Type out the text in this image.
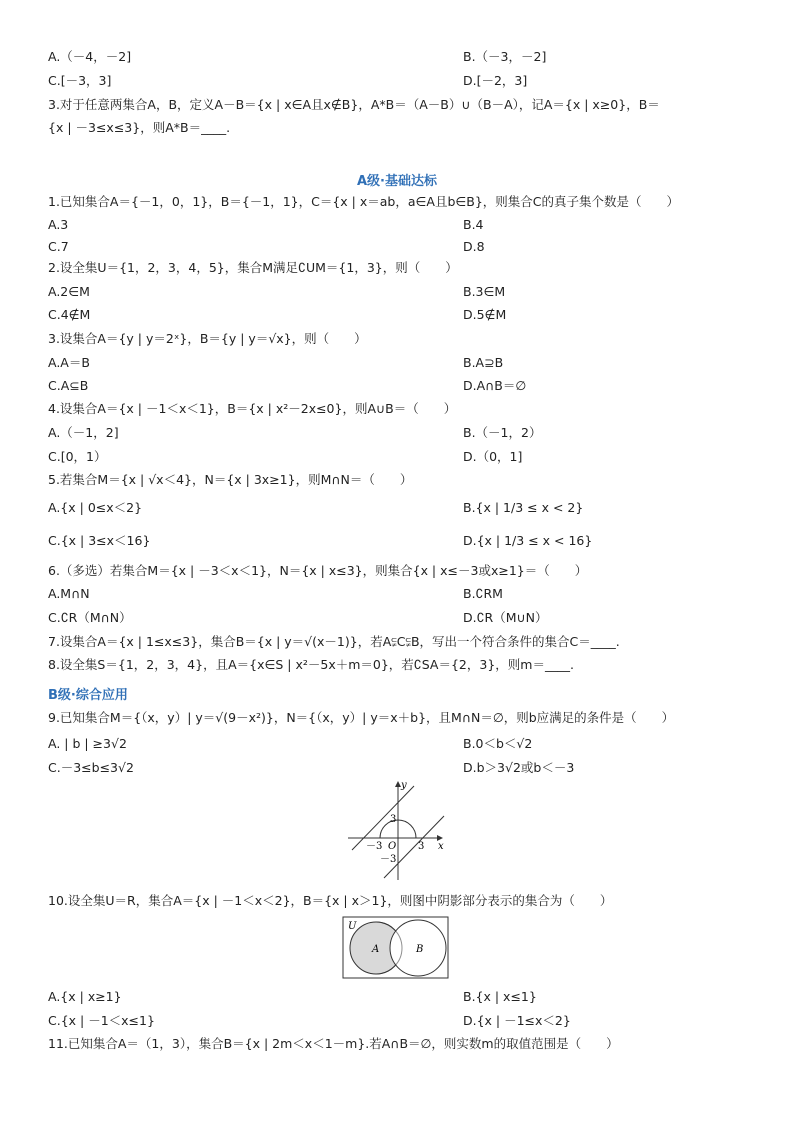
A.（－4，－2]	B.（－3，－2]
C.[－3，3]	D.[－2，3]
3.对于任意两集合A，B，定义A－B＝{x | x∈A且x∉B}，A*B＝（A－B）∪（B－A），记A＝{x | x≥0}，B＝
{x | －3≤x≤3}，则A*B＝____.
A级·基础达标
1.已知集合A＝{－1，0，1}，B＝{－1，1}，C＝{x | x＝ab，a∈A且b∈B}，则集合C的真子集个数是（　　）
A.3	B.4
C.7	D.8
2.设全集U＝{1，2，3，4，5}，集合M满足∁UM＝{1，3}，则（　　）
A.2∈M	B.3∈M
C.4∉M	D.5∉M
3.设集合A＝{y | y＝2ˣ}，B＝{y | y＝√x}，则（　　）
A.A＝B	B.A⊇B
C.A⊆B	D.A∩B＝∅
4.设集合A＝{x | －1＜x＜1}，B＝{x | x²－2x≤0}，则A∪B＝（　　）
A.（－1，2]	B.（－1，2）
C.[0，1）	D.（0，1]
5.若集合M＝{x | √x＜4}，N＝{x | 3x≥1}，则M∩N＝（　　）
A.{x | 0≤x＜2}	B.{x | 1/3 ≤ x < 2}
C.{x | 3≤x＜16}	D.{x | 1/3 ≤ x < 16}
6.（多选）若集合M＝{x | －3＜x＜1}，N＝{x | x≤3}，则集合{x | x≤－3或x≥1}＝（　　）
A.M∩N	B.∁RM
C.∁R（M∩N）	D.∁R（M∪N）
7.设集合A＝{x | 1≤x≤3}，集合B＝{x | y＝√(x－1)}，若A⫋C⫋B，写出一个符合条件的集合C＝____.
8.设全集S＝{1，2，3，4}，且A＝{x∈S | x²－5x＋m＝0}，若∁SA＝{2，3}，则m＝____.
B级·综合应用
9.已知集合M＝{（x，y）| y＝√(9－x²)}，N＝{（x，y）| y＝x＋b}，且M∩N＝∅，则b应满足的条件是（　　）
A. | b | ≥3√2	B.0＜b＜√2
C.－3≤b≤3√2	D.b＞3√2或b＜－3
y
x
O
3
－3	3
－3
10.设全集U＝R，集合A＝{x | －1＜x＜2}，B＝{x | x＞1}，则图中阴影部分表示的集合为（　　）
U
A	B
A.{x | x≥1}	B.{x | x≤1}
C.{x | －1＜x≤1}	D.{x | －1≤x＜2}
11.已知集合A＝（1，3），集合B＝{x | 2m＜x＜1－m}.若A∩B＝∅，则实数m的取值范围是（　　）
